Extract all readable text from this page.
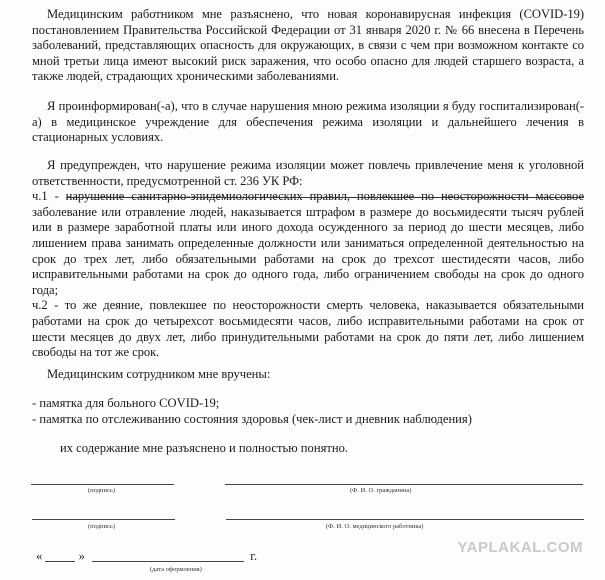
Медицинским работником мне разъяснено, что новая коронавирусная инфекция (COVID-19) постановлением Правительства Российской Федерации от 31 января 2020 г. № 66 внесена в Перечень заболеваний, представляющих опасность для окружающих, в связи с чем при возможном контакте со мной третьи лица имеют высокий риск заражения, что особо опасно для людей старшего возраста, а также людей, страдающих хроническими заболеваниями.

Я проинформирован(-а), что в случае нарушения мною режима изоляции я буду госпитализирован(-а) в медицинское учреждение для обеспечения режима изоляции и дальнейшего лечения в стационарных условиях.

Я предупрежден, что нарушение режима изоляции может повлечь привлечение меня к уголовной ответственности, предусмотренной ст. 236 УК РФ:
ч.1 - нарушение санитарно-эпидемиологических правил, повлекшее по неосторожности массовое заболевание или отравление людей, наказывается штрафом в размере до восьмидесяти тысяч рублей или в размере заработной платы или иного дохода осужденного за период до шести месяцев, либо лишением права занимать определенные должности или заниматься определенной деятельностью на срок до трех лет, либо обязательными работами на срок до трехсот шестидесяти часов, либо исправительными работами на срок до одного года, либо ограничением свободы на срок до одного года;
ч.2 - то же деяние, повлекшее по неосторожности смерть человека, наказывается обязательными работами на срок до четырехсот восьмидесяти часов, либо исправительными работами на срок от шести месяцев до двух лет, либо принудительными работами на срок до пяти лет, либо лишением свободы на тот же срок.

Медицинским сотрудником мне вручены:

- памятка для больного COVID-19;

- памятка по отслеживанию состояния здоровья (чек-лист и дневник наблюдения)

их содержание мне разъяснено и полностью понятно.

(подпись)	(Ф. И. О. гражданина)
(подпись)	(Ф. И. О. медицинского работника)
«	»	г.
(дата оформления)
YAPLAKAL.COM
